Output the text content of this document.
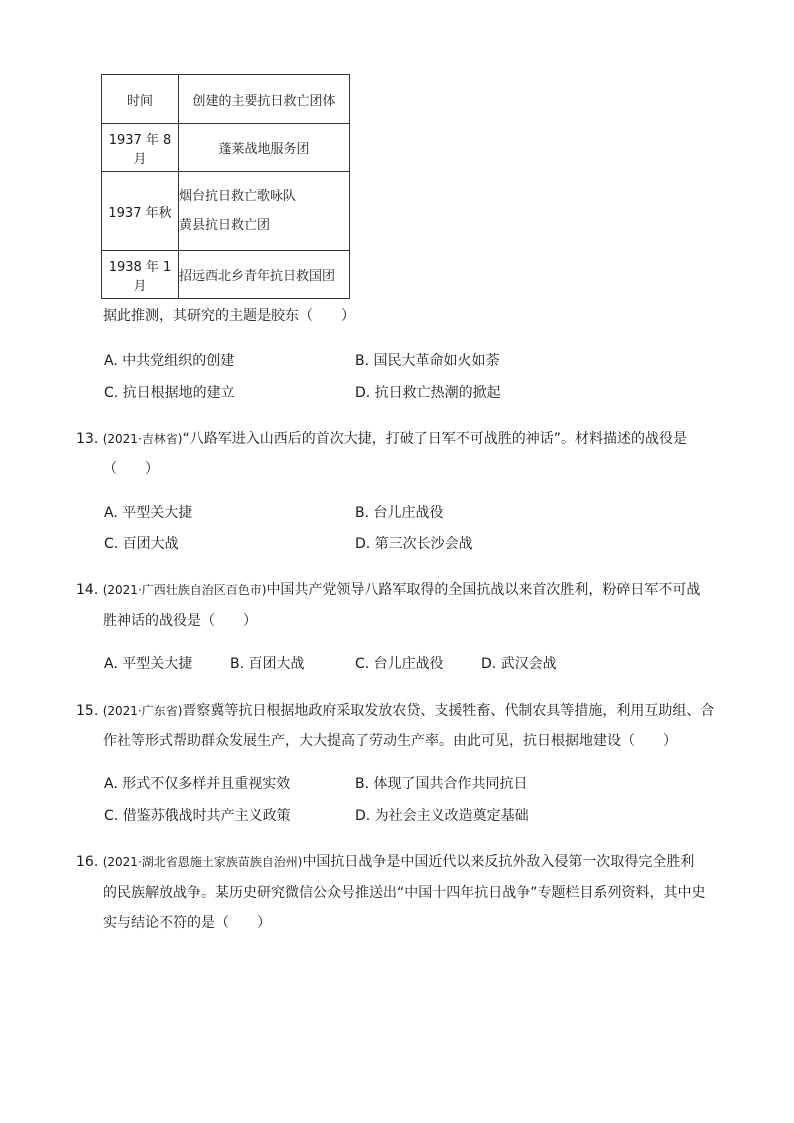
时间	创建的主要抗日救亡团体
1937 年 8 月	蓬莱战地服务团
1937 年秋	烟台抗日救亡歌咏队
黄县抗日救亡团

1938 年 1 月	招远西北乡青年抗日救国团
据此推测，其研究的主题是胶东（　　）
A. 中共党组织的创建	B. 国民大革命如火如荼
C. 抗日根据地的建立	D. 抗日救亡热潮的掀起
13. (2021·吉林省)“八路军进入山西后的首次大捷，打破了日军不可战胜的神话”。材料描述的战役是
（　　）
A. 平型关大捷	B. 台儿庄战役
C. 百团大战	D. 第三次长沙会战
14. (2021·广西壮族自治区百色市)中国共产党领导八路军取得的全国抗战以来首次胜利，粉碎日军不可战
胜神话的战役是（　　）
A. 平型关大捷	B. 百团大战	C. 台儿庄战役	D. 武汉会战
15. (2021·广东省)晋察冀等抗日根据地政府采取发放农贷、支援牲畜、代制农具等措施，利用互助组、合
作社等形式帮助群众发展生产，大大提高了劳动生产率。由此可见，抗日根据地建设（　　）
A. 形式不仅多样并且重视实效	B. 体现了国共合作共同抗日
C. 借鉴苏俄战时共产主义政策	D. 为社会主义改造奠定基础
16. (2021·湖北省恩施土家族苗族自治州)中国抗日战争是中国近代以来反抗外敌入侵第一次取得完全胜利
的民族解放战争。某历史研究微信公众号推送出“中国十四年抗日战争”专题栏目系列资料，其中史
实与结论不符的是（　　）
